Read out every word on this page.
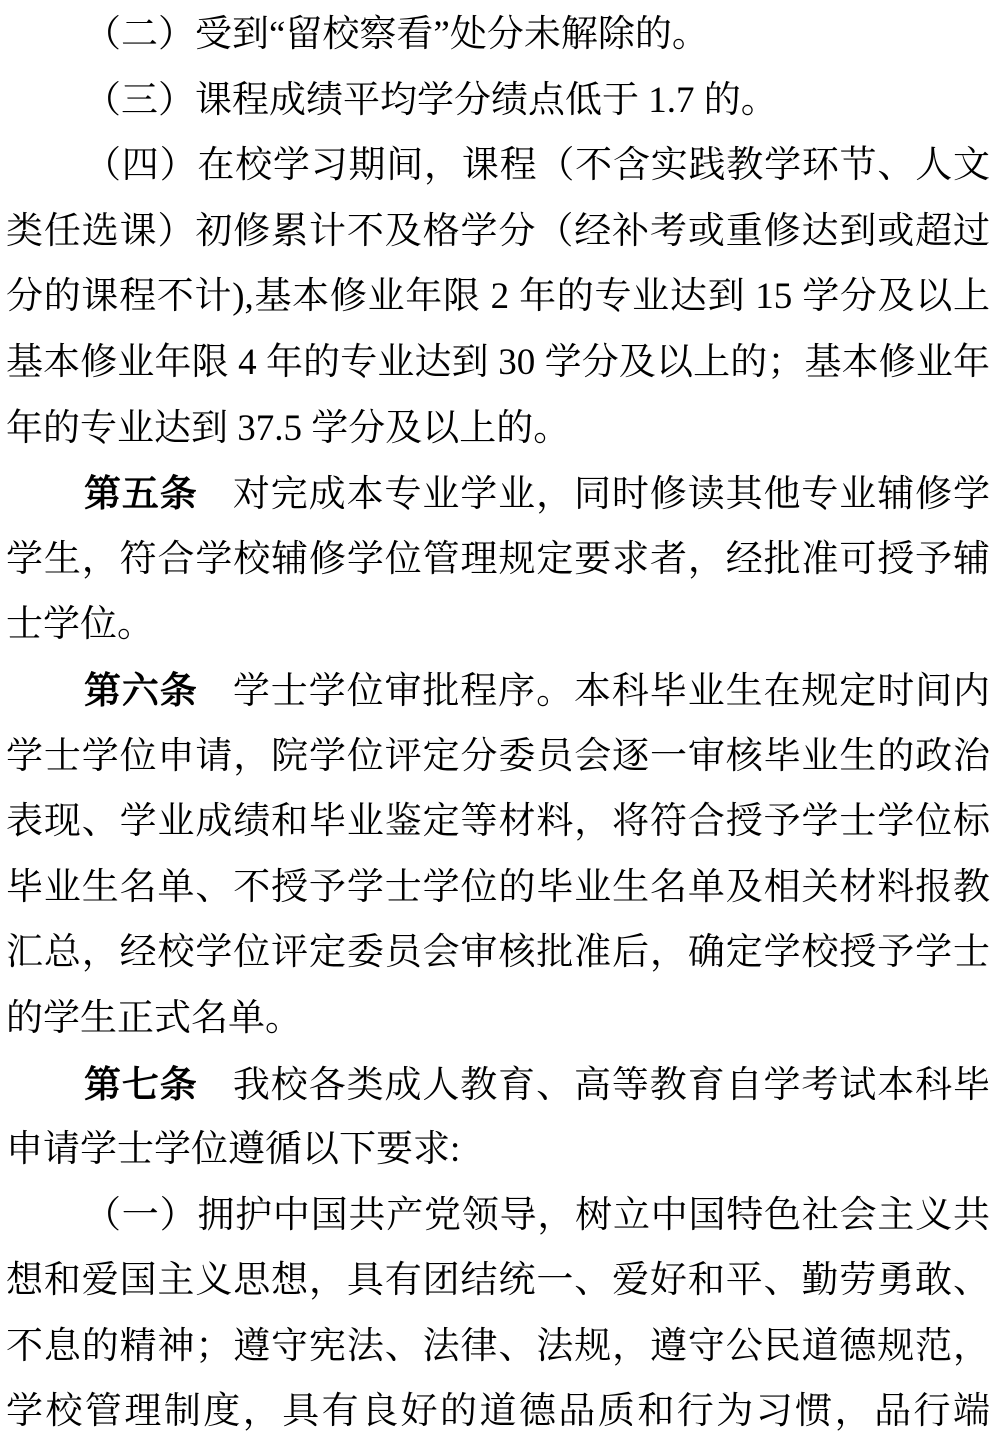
（二）受到“留校察看”处分未解除的。
（三）课程成绩平均学分绩点低于 1.7 的。
（四）在校学习期间，课程（不含实践教学环节、人文
类任选课）初修累计不及格学分（经补考或重修达到或超过
分的课程不计),基本修业年限 2 年的专业达到 15 学分及以上
基本修业年限 4 年的专业达到 30 学分及以上的；基本修业年
年的专业达到 37.5 学分及以上的。
第五条 对完成本专业学业，同时修读其他专业辅修学
学生，符合学校辅修学位管理规定要求者，经批准可授予辅
士学位。
第六条 学士学位审批程序。本科毕业生在规定时间内
学士学位申请，院学位评定分委员会逐一审核毕业生的政治
表现、学业成绩和毕业鉴定等材料，将符合授予学士学位标
毕业生名单、不授予学士学位的毕业生名单及相关材料报教
汇总，经校学位评定委员会审核批准后，确定学校授予学士
的学生正式名单。
第七条 我校各类成人教育、高等教育自学考试本科毕
申请学士学位遵循以下要求:
（一）拥护中国共产党领导，树立中国特色社会主义共
想和爱国主义思想，具有团结统一、爱好和平、勤劳勇敢、
不息的精神；遵守宪法、法律、法规，遵守公民道德规范，
学校管理制度，具有良好的道德品质和行为习惯，品行端
